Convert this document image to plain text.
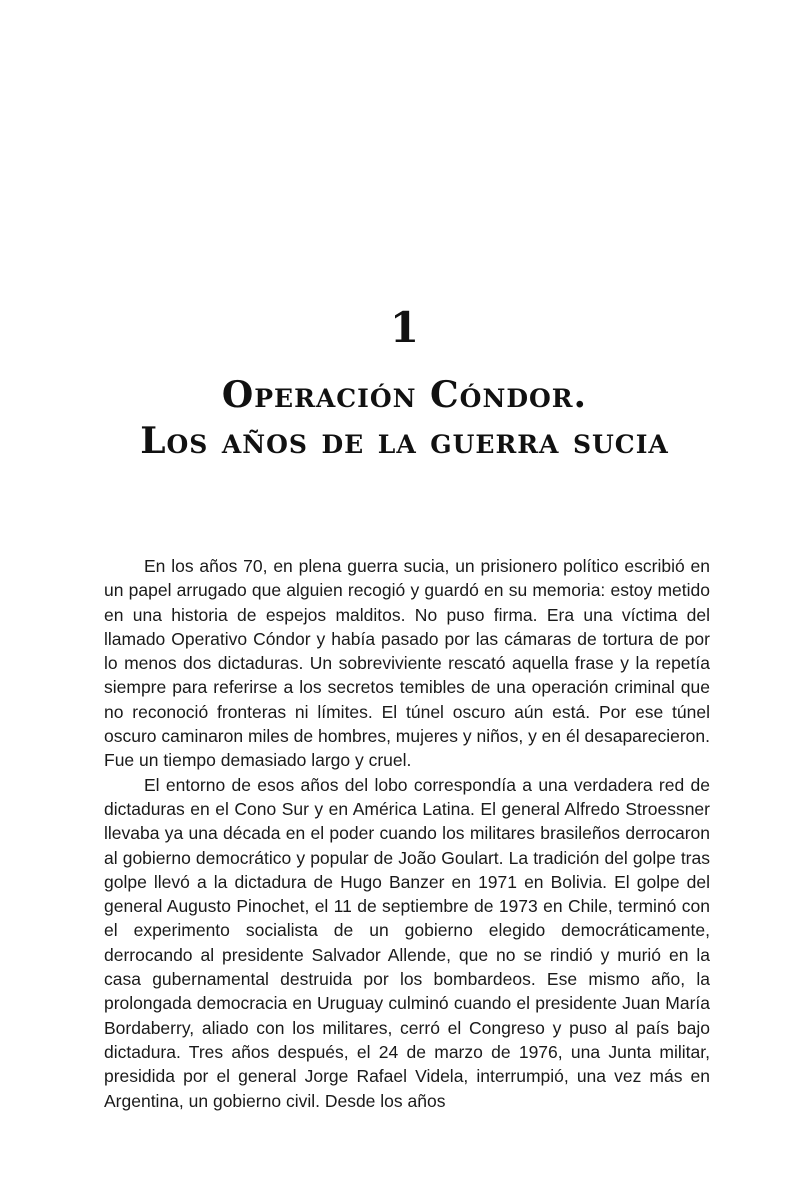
1
Operación Cóndor.
Los años de la guerra sucia

En los años 70, en plena guerra sucia, un prisionero político escribió en un papel arrugado que alguien recogió y guardó en su memoria: estoy metido en una historia de espejos malditos. No puso firma. Era una víctima del llamado Operativo Cóndor y había pasado por las cámaras de tortura de por lo menos dos dictaduras. Un sobreviviente rescató aquella frase y la repetía siempre para referirse a los secretos temibles de una operación criminal que no reconoció fronteras ni límites. El túnel oscuro aún está. Por ese túnel oscuro caminaron miles de hombres, mujeres y niños, y en él desaparecieron. Fue un tiempo demasiado largo y cruel.

El entorno de esos años del lobo correspondía a una verdadera red de dictaduras en el Cono Sur y en América Latina. El general Alfredo Stroessner llevaba ya una década en el poder cuando los militares brasileños derrocaron al gobierno democrático y popular de João Goulart. La tradición del golpe tras golpe llevó a la dictadura de Hugo Banzer en 1971 en Bolivia. El golpe del general Augusto Pinochet, el 11 de septiembre de 1973 en Chile, terminó con el experimento socialista de un gobierno elegido democráticamente, derrocando al presidente Salvador Allende, que no se rindió y murió en la casa gubernamental destruida por los bombardeos. Ese mismo año, la prolongada democracia en Uruguay culminó cuando el presidente Juan María Bordaberry, aliado con los militares, cerró el Congreso y puso al país bajo dictadura. Tres años después, el 24 de marzo de 1976, una Junta militar, presidida por el general Jorge Rafael Videla, interrumpió, una vez más en Argentina, un gobierno civil. Desde los años
